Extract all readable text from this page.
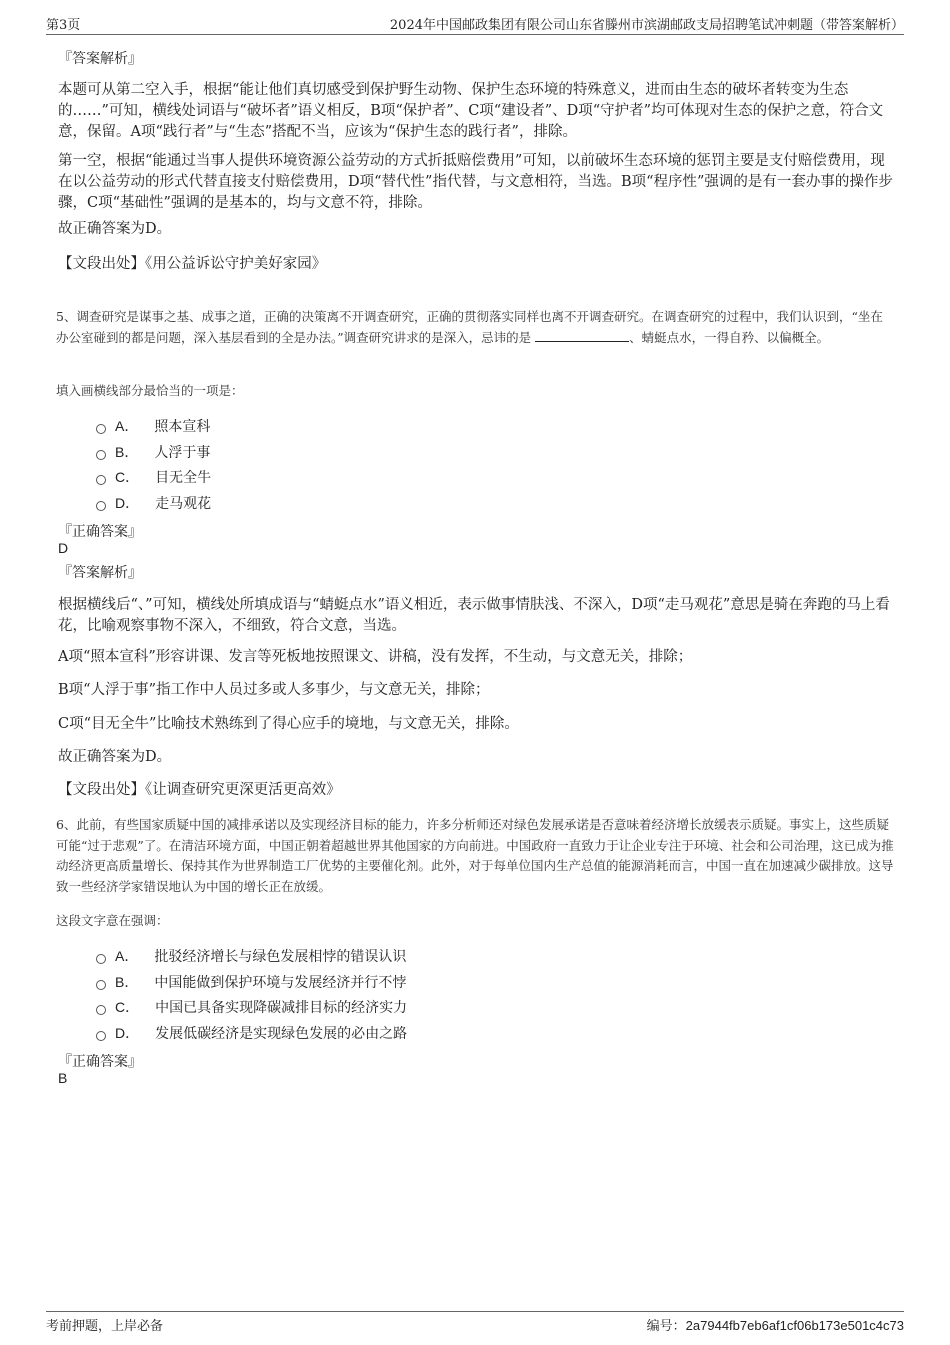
第3页	2024年中国邮政集团有限公司山东省滕州市滨湖邮政支局招聘笔试冲刺题（带答案解析）
『答案解析』

本题可从第二空入手，根据“能让他们真切感受到保护野生动物、保护生态环境的特殊意义，进而由生态的破坏者转变为生态的……”可知，横线处词语与“破坏者”语义相反，B项“保护者”、C项“建设者”、D项“守护者”均可体现对生态的保护之意，符合文意，保留。A项“践行者”与“生态”搭配不当，应该为“保护生态的践行者”，排除。

第一空，根据“能通过当事人提供环境资源公益劳动的方式折抵赔偿费用”可知，以前破坏生态环境的惩罚主要是支付赔偿费用，现在以公益劳动的形式代替直接支付赔偿费用，D项“替代性”指代替，与文意相符，当选。B项“程序性”强调的是有一套办事的操作步骤，C项“基础性”强调的是基本的，均与文意不符，排除。

故正确答案为D。

【文段出处】《用公益诉讼守护美好家园》

5、调查研究是谋事之基、成事之道，正确的决策离不开调查研究，正确的贯彻落实同样也离不开调查研究。在调查研究的过程中，我们认识到，“坐在办公室碰到的都是问题，深入基层看到的全是办法。”调查研究讲求的是深入，忌讳的是	、蜻蜓点水，一得自矜、以偏概全。

填入画横线部分最恰当的一项是：
A． 照本宣科
B． 人浮于事
C． 目无全牛
D． 走马观花
『正确答案』
D
『答案解析』

根据横线后“、”可知，横线处所填成语与“蜻蜓点水”语义相近，表示做事情肤浅、不深入，D项“走马观花”意思是骑在奔跑的马上看花，比喻观察事物不深入，不细致，符合文意，当选。

A项“照本宣科”形容讲课、发言等死板地按照课文、讲稿，没有发挥，不生动，与文意无关，排除；

B项“人浮于事”指工作中人员过多或人多事少，与文意无关，排除；

C项“目无全牛”比喻技术熟练到了得心应手的境地，与文意无关，排除。

故正确答案为D。

【文段出处】《让调查研究更深更活更高效》

6、此前，有些国家质疑中国的减排承诺以及实现经济目标的能力，许多分析师还对绿色发展承诺是否意味着经济增长放缓表示质疑。事实上，这些质疑可能“过于悲观”了。在清洁环境方面，中国正朝着超越世界其他国家的方向前进。中国政府一直致力于让企业专注于环境、社会和公司治理，这已成为推动经济更高质量增长、保持其作为世界制造工厂优势的主要催化剂。此外，对于每单位国内生产总值的能源消耗而言，中国一直在加速减少碳排放。这导致一些经济学家错误地认为中国的增长正在放缓。

这段文字意在强调：
A． 批驳经济增长与绿色发展相悖的错误认识
B． 中国能做到保护环境与发展经济并行不悖
C． 中国已具备实现降碳减排目标的经济实力
D． 发展低碳经济是实现绿色发展的必由之路
『正确答案』
B
考前押题，上岸必备	编号：2a7944fb7eb6af1cf06b173e501c4c73
